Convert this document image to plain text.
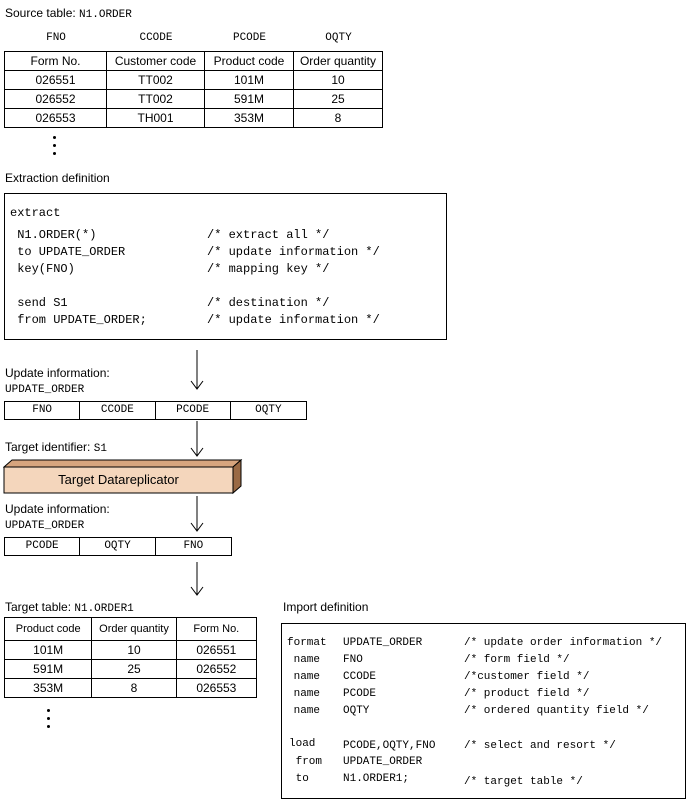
Source table: N1.ORDER
FNO	CCODE	PCODE	OQTY
Form No.	Customer code	Product code	Order quantity
026551	TT002	101M	10
026552	TT002	591M	25
026553	TH001	353M	8
Extraction definition
extract
N1.ORDER(*)	/* extract all */
to UPDATE_ORDER	/* update information */
key(FNO)	/* mapping key */
send S1	/* destination */
from UPDATE_ORDER;	/* update information */
Update information:
UPDATE_ORDER
FNO	CCODE	PCODE	OQTY
Target identifier: S1
Target Datareplicator
Update information:
UPDATE_ORDER
PCODE	OQTY	FNO
Target table: N1.ORDER1
Product code	Order quantity	Form No.
101M	10	026551
591M	25	026552
353M	8	026553
Import definition
format UPDATE_ORDER	/* update order information */
name FNO	/* form field */
name CCODE	/*customer field */
name PCODE	/* product field */
name OQTY	/* ordered quantity field */
load	PCODE,OQTY,FNO	/* select and resort */
from UPDATE_ORDER
to	N1.ORDER1;	/* target table */
